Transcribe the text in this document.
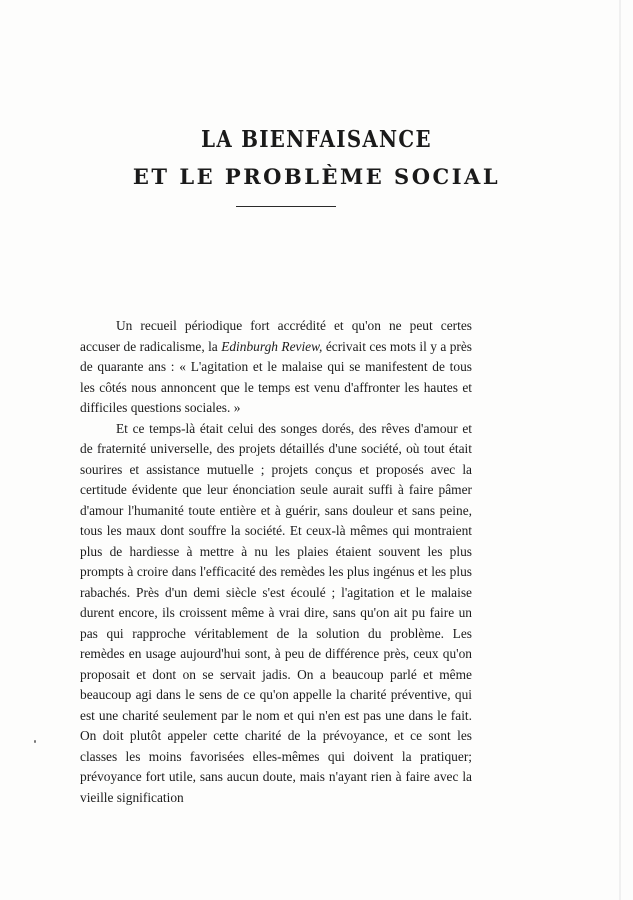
LA BIENFAISANCE
ET LE PROBLÈME SOCIAL

Un recueil périodique fort accrédité et qu'on ne peut certes accuser de radicalisme, la Edinburgh Review, écrivait ces mots il y a près de quarante ans : « L'agitation et le malaise qui se manifestent de tous les côtés nous annoncent que le temps est venu d'affronter les hautes et difficiles questions sociales. »

Et ce temps-là était celui des songes dorés, des rêves d'amour et de fraternité universelle, des projets détaillés d'une société, où tout était sourires et assistance mutuelle ; projets conçus et proposés avec la certitude évidente que leur énonciation seule aurait suffi à faire pâmer d'amour l'humanité toute entière et à guérir, sans douleur et sans peine, tous les maux dont souffre la société. Et ceux-là mêmes qui montraient plus de hardiesse à mettre à nu les plaies étaient souvent les plus prompts à croire dans l'efficacité des remèdes les plus ingénus et les plus rabachés. Près d'un demi siècle s'est écoulé ; l'agitation et le malaise durent encore, ils croissent même à vrai dire, sans qu'on ait pu faire un pas qui rapproche véritablement de la solution du problème. Les remèdes en usage aujourd'hui sont, à peu de différence près, ceux qu'on proposait et dont on se servait jadis. On a beaucoup parlé et même beaucoup agi dans le sens de ce qu'on appelle la charité préventive, qui est une charité seulement par le nom et qui n'en est pas une dans le fait. On doit plutôt appeler cette charité de la prévoyance, et ce sont les classes les moins favorisées elles-mêmes qui doivent la pratiquer; prévoyance fort utile, sans aucun doute, mais n'ayant rien à faire avec la vieille signification
